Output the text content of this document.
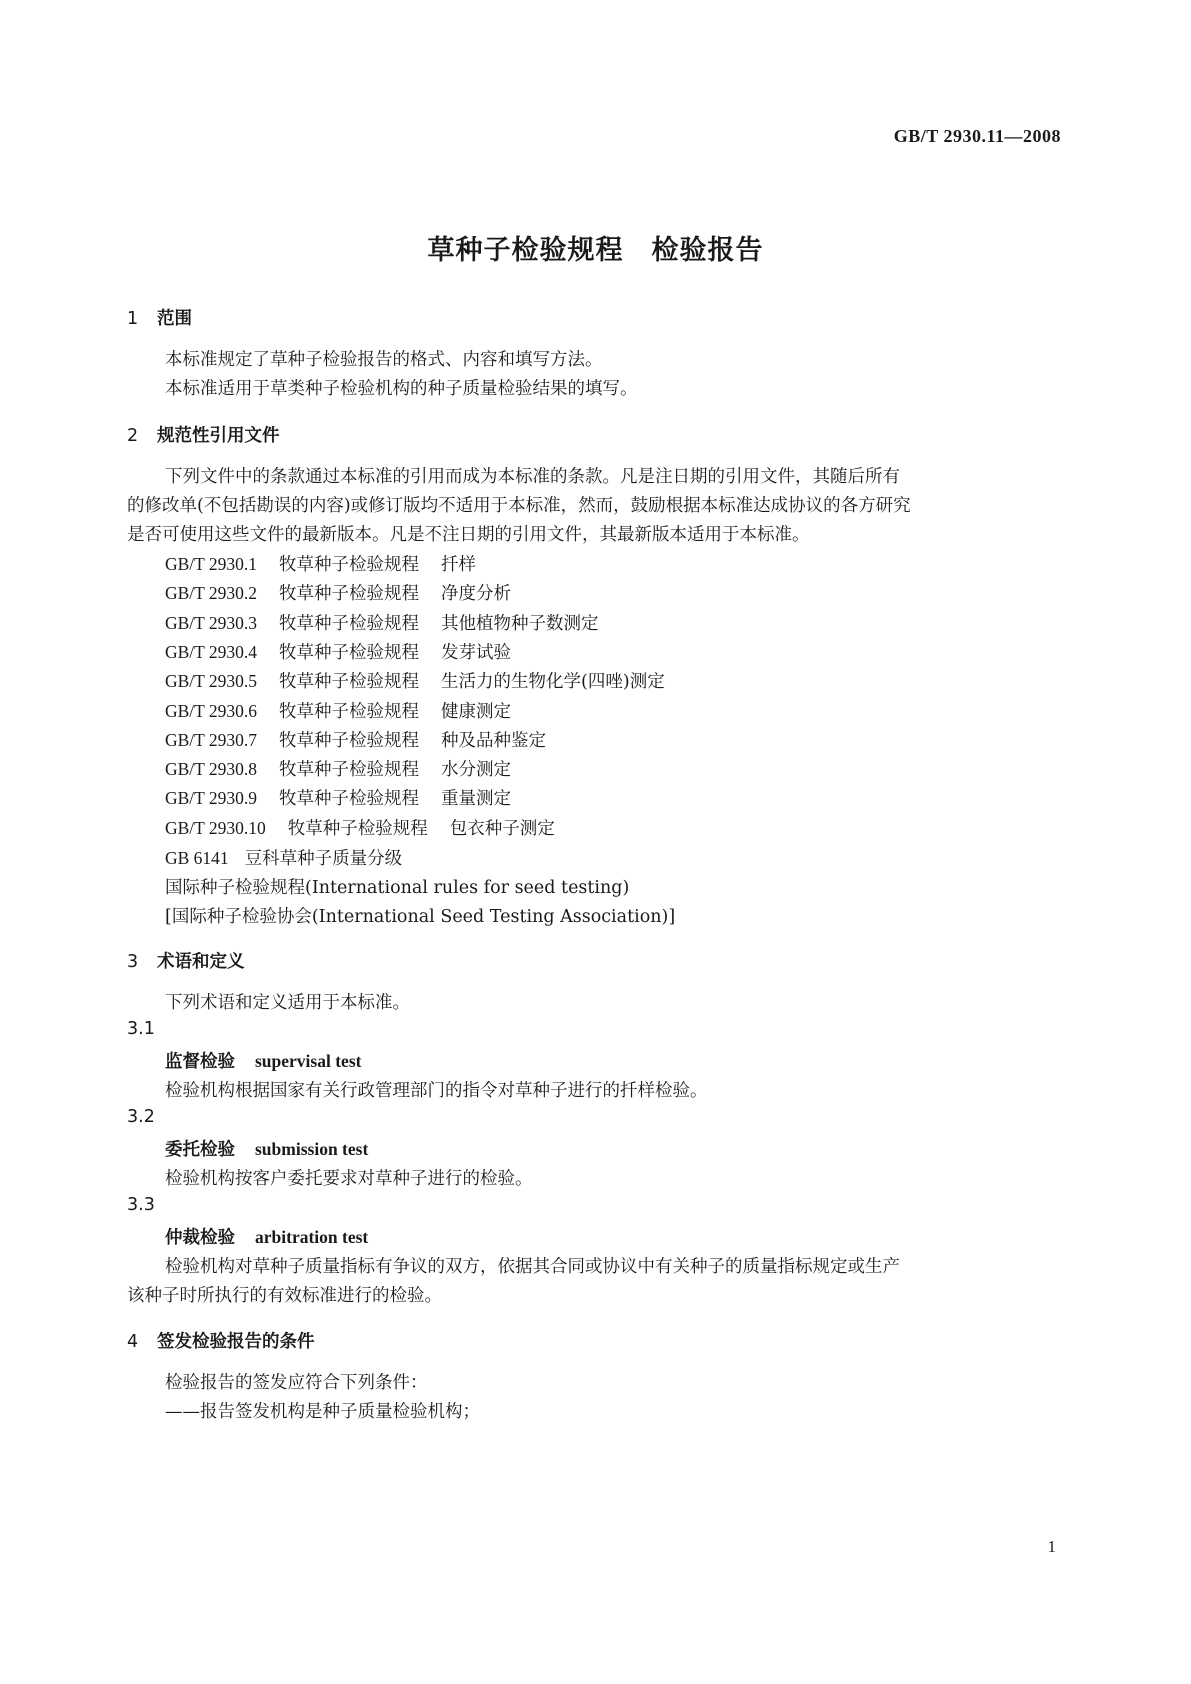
GB/T 2930.11—2008
草种子检验规程　检验报告
1 范围
本标准规定了草种子检验报告的格式、内容和填写方法。
本标准适用于草类种子检验机构的种子质量检验结果的填写。
2 规范性引用文件
下列文件中的条款通过本标准的引用而成为本标准的条款。凡是注日期的引用文件，其随后所有
的修改单(不包括勘误的内容)或修订版均不适用于本标准，然而，鼓励根据本标准达成协议的各方研究
是否可使用这些文件的最新版本。凡是不注日期的引用文件，其最新版本适用于本标准。
GB/T 2930.1 牧草种子检验规程 扦样
GB/T 2930.2 牧草种子检验规程 净度分析
GB/T 2930.3 牧草种子检验规程 其他植物种子数测定
GB/T 2930.4 牧草种子检验规程 发芽试验
GB/T 2930.5 牧草种子检验规程 生活力的生物化学(四唑)测定
GB/T 2930.6 牧草种子检验规程 健康测定
GB/T 2930.7 牧草种子检验规程 种及品种鉴定
GB/T 2930.8 牧草种子检验规程 水分测定
GB/T 2930.9 牧草种子检验规程 重量测定
GB/T 2930.10 牧草种子检验规程 包衣种子测定
GB 6141 豆科草种子质量分级
国际种子检验规程(International rules for seed testing)
[国际种子检验协会(International Seed Testing Association)]
3 术语和定义
下列术语和定义适用于本标准。
3.1
监督检验 supervisal test
检验机构根据国家有关行政管理部门的指令对草种子进行的扦样检验。
3.2
委托检验 submission test
检验机构按客户委托要求对草种子进行的检验。
3.3
仲裁检验 arbitration test
检验机构对草种子质量指标有争议的双方，依据其合同或协议中有关种子的质量指标规定或生产
该种子时所执行的有效标准进行的检验。
4 签发检验报告的条件
检验报告的签发应符合下列条件：
——报告签发机构是种子质量检验机构；
1
